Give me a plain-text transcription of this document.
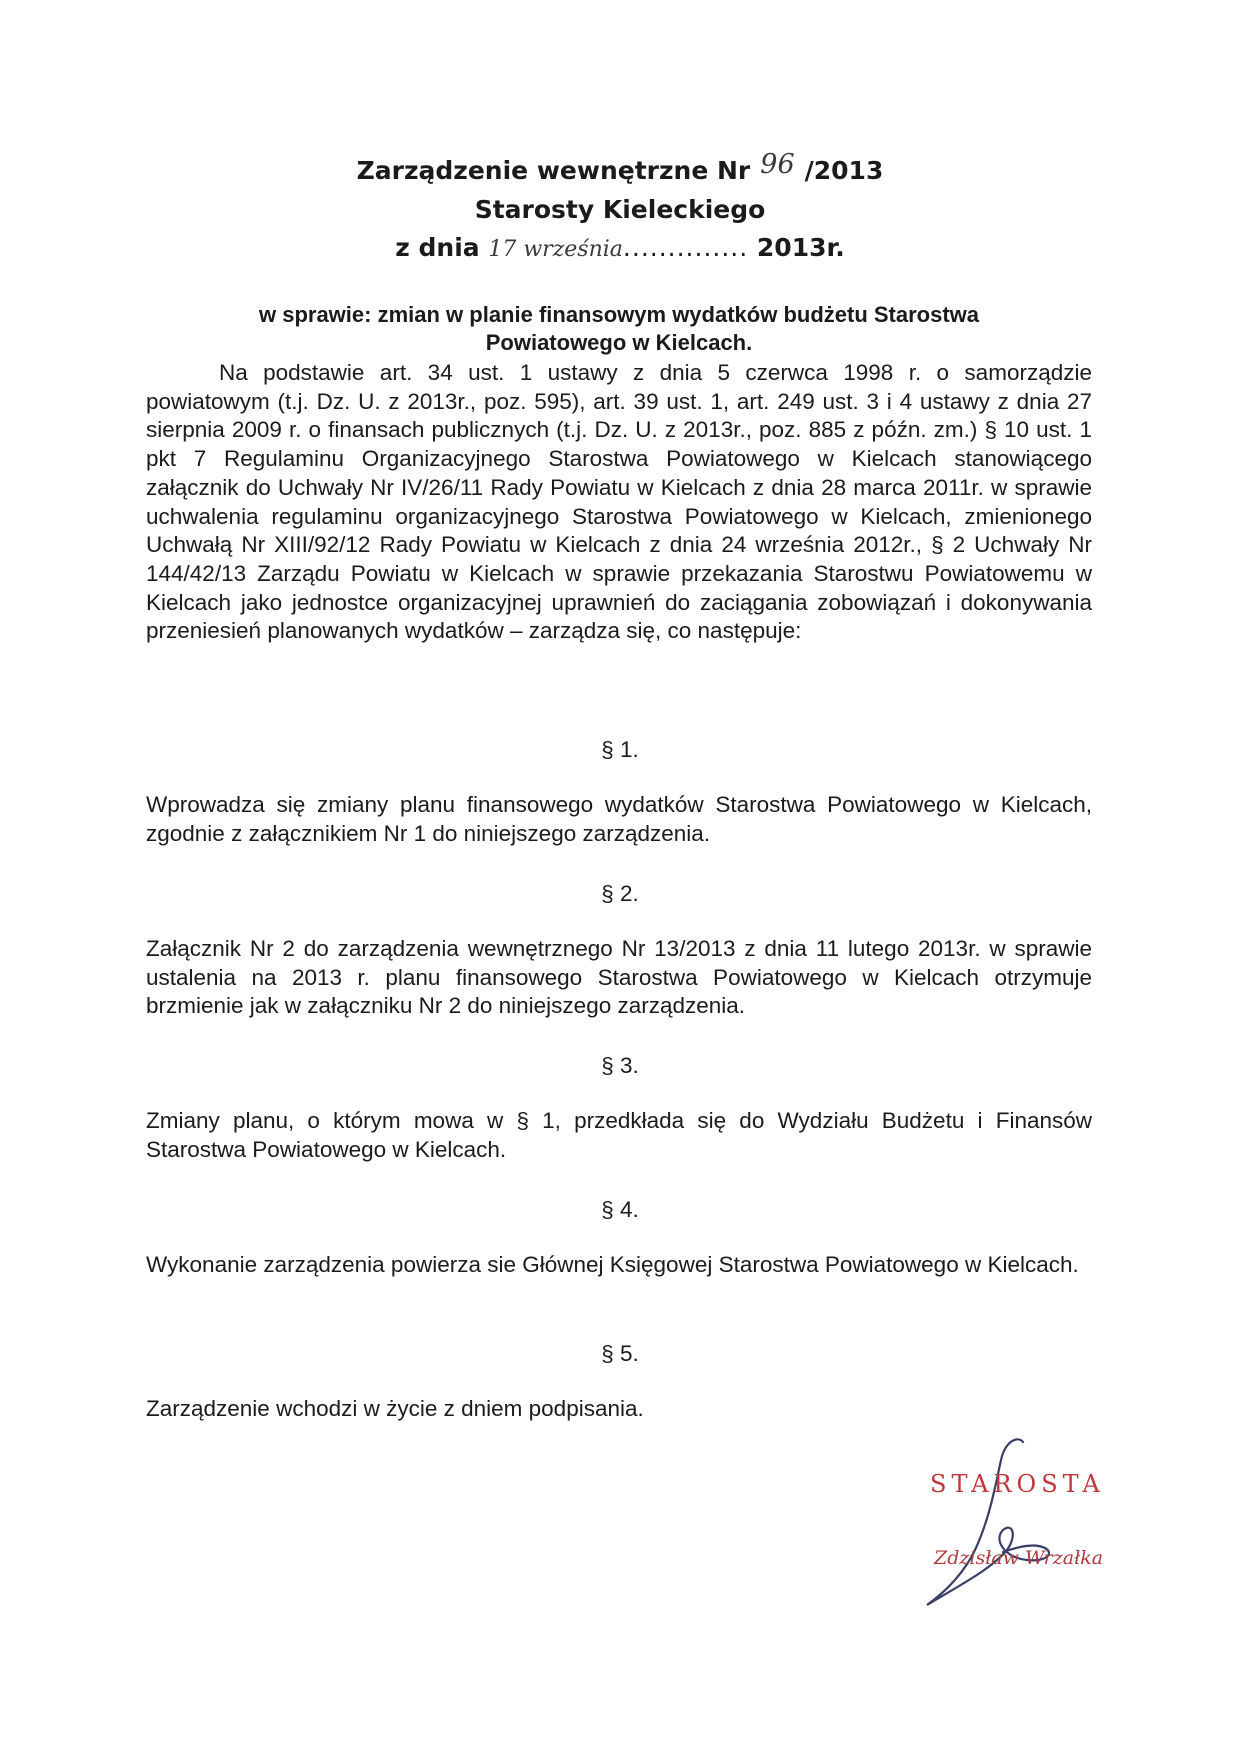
Zarządzenie wewnętrzne Nr 96 /2013
Starosty Kieleckiego
z dnia 17 września.............. 2013r.
w sprawie: zmian w planie finansowym wydatków budżetu Starostwa
Powiatowego w Kielcach.
Na podstawie art. 34 ust. 1 ustawy z dnia 5 czerwca 1998 r. o samorządzie powiatowym (t.j. Dz. U. z 2013r., poz. 595), art. 39 ust. 1, art. 249 ust. 3 i 4 ustawy z dnia 27 sierpnia 2009 r. o finansach publicznych (t.j. Dz. U. z 2013r., poz. 885 z późn. zm.) § 10 ust. 1 pkt 7 Regulaminu Organizacyjnego Starostwa Powiatowego w Kielcach stanowiącego załącznik do Uchwały Nr IV/26/11 Rady Powiatu w Kielcach z dnia 28 marca 2011r. w sprawie uchwalenia regulaminu organizacyjnego Starostwa Powiatowego w Kielcach, zmienionego Uchwałą Nr XIII/92/12 Rady Powiatu w Kielcach z dnia 24 września 2012r., § 2 Uchwały Nr 144/42/13 Zarządu Powiatu w Kielcach w sprawie przekazania Starostwu Powiatowemu w Kielcach jako jednostce organizacyjnej uprawnień do zaciągania zobowiązań i dokonywania przeniesień planowanych wydatków – zarządza się, co następuje:
§ 1.
Wprowadza się zmiany planu finansowego wydatków Starostwa Powiatowego w Kielcach, zgodnie z załącznikiem Nr 1 do niniejszego zarządzenia.
§ 2.
Załącznik Nr 2 do zarządzenia wewnętrznego Nr 13/2013 z dnia 11 lutego 2013r. w sprawie ustalenia na 2013 r. planu finansowego Starostwa Powiatowego w Kielcach otrzymuje brzmienie jak w załączniku Nr 2 do niniejszego zarządzenia.
§ 3.
Zmiany planu, o którym mowa w § 1, przedkłada się do Wydziału Budżetu i Finansów Starostwa Powiatowego w Kielcach.
§ 4.
Wykonanie zarządzenia powierza sie Głównej Księgowej Starostwa Powiatowego w Kielcach.
§ 5.
Zarządzenie wchodzi w życie z dniem podpisania.
STAROSTA
Zdzisław Wrzałka
